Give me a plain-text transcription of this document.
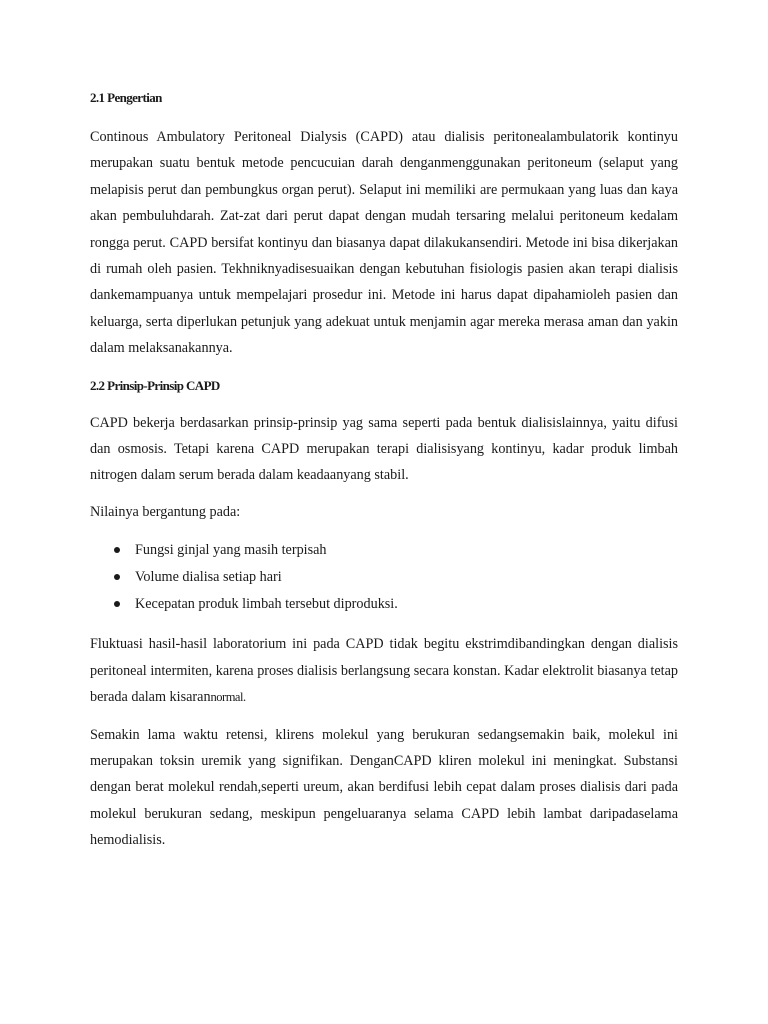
2.1 Pengertian

Continous Ambulatory Peritoneal Dialysis (CAPD) atau dialisis peritonealambulatorik kontinyu merupakan suatu bentuk metode pencucuian darah denganmenggunakan peritoneum (selaput yang melapisis perut dan pembungkus organ perut). Selaput ini memiliki are permukaan yang luas dan kaya akan pembuluhdarah. Zat-zat dari perut dapat dengan mudah tersaring melalui peritoneum kedalam rongga perut. CAPD bersifat kontinyu dan biasanya dapat dilakukansendiri. Metode ini bisa dikerjakan di rumah oleh pasien. Tekhniknyadisesuaikan dengan kebutuhan fisiologis pasien akan terapi dialisis dankemampuanya untuk mempelajari prosedur ini. Metode ini harus dapat dipahamioleh pasien dan keluarga, serta diperlukan petunjuk yang adekuat untuk menjamin agar mereka merasa aman dan yakin dalam melaksanakannya.

2.2 Prinsip-Prinsip CAPD

CAPD bekerja berdasarkan prinsip-prinsip yag sama seperti pada bentuk dialisislainnya, yaitu difusi dan osmosis. Tetapi karena CAPD merupakan terapi dialisisyang kontinyu, kadar produk limbah nitrogen dalam serum berada dalam keadaanyang stabil.

Nilainya bergantung pada:

Fungsi ginjal yang masih terpisah
Volume dialisa setiap hari
Kecepatan produk limbah tersebut diproduksi.

Fluktuasi hasil-hasil laboratorium ini pada CAPD tidak begitu ekstrimdibandingkan dengan dialisis peritoneal intermiten, karena proses dialisis berlangsung secara konstan. Kadar elektrolit biasanya tetap berada dalam kisarannormal.

Semakin lama waktu retensi, klirens molekul yang berukuran sedangsemakin baik, molekul ini merupakan toksin uremik yang signifikan. DenganCAPD kliren molekul ini meningkat. Substansi dengan berat molekul rendah,seperti ureum, akan berdifusi lebih cepat dalam proses dialisis dari pada molekul berukuran sedang, meskipun pengeluaranya selama CAPD lebih lambat daripadaselama hemodialisis.
